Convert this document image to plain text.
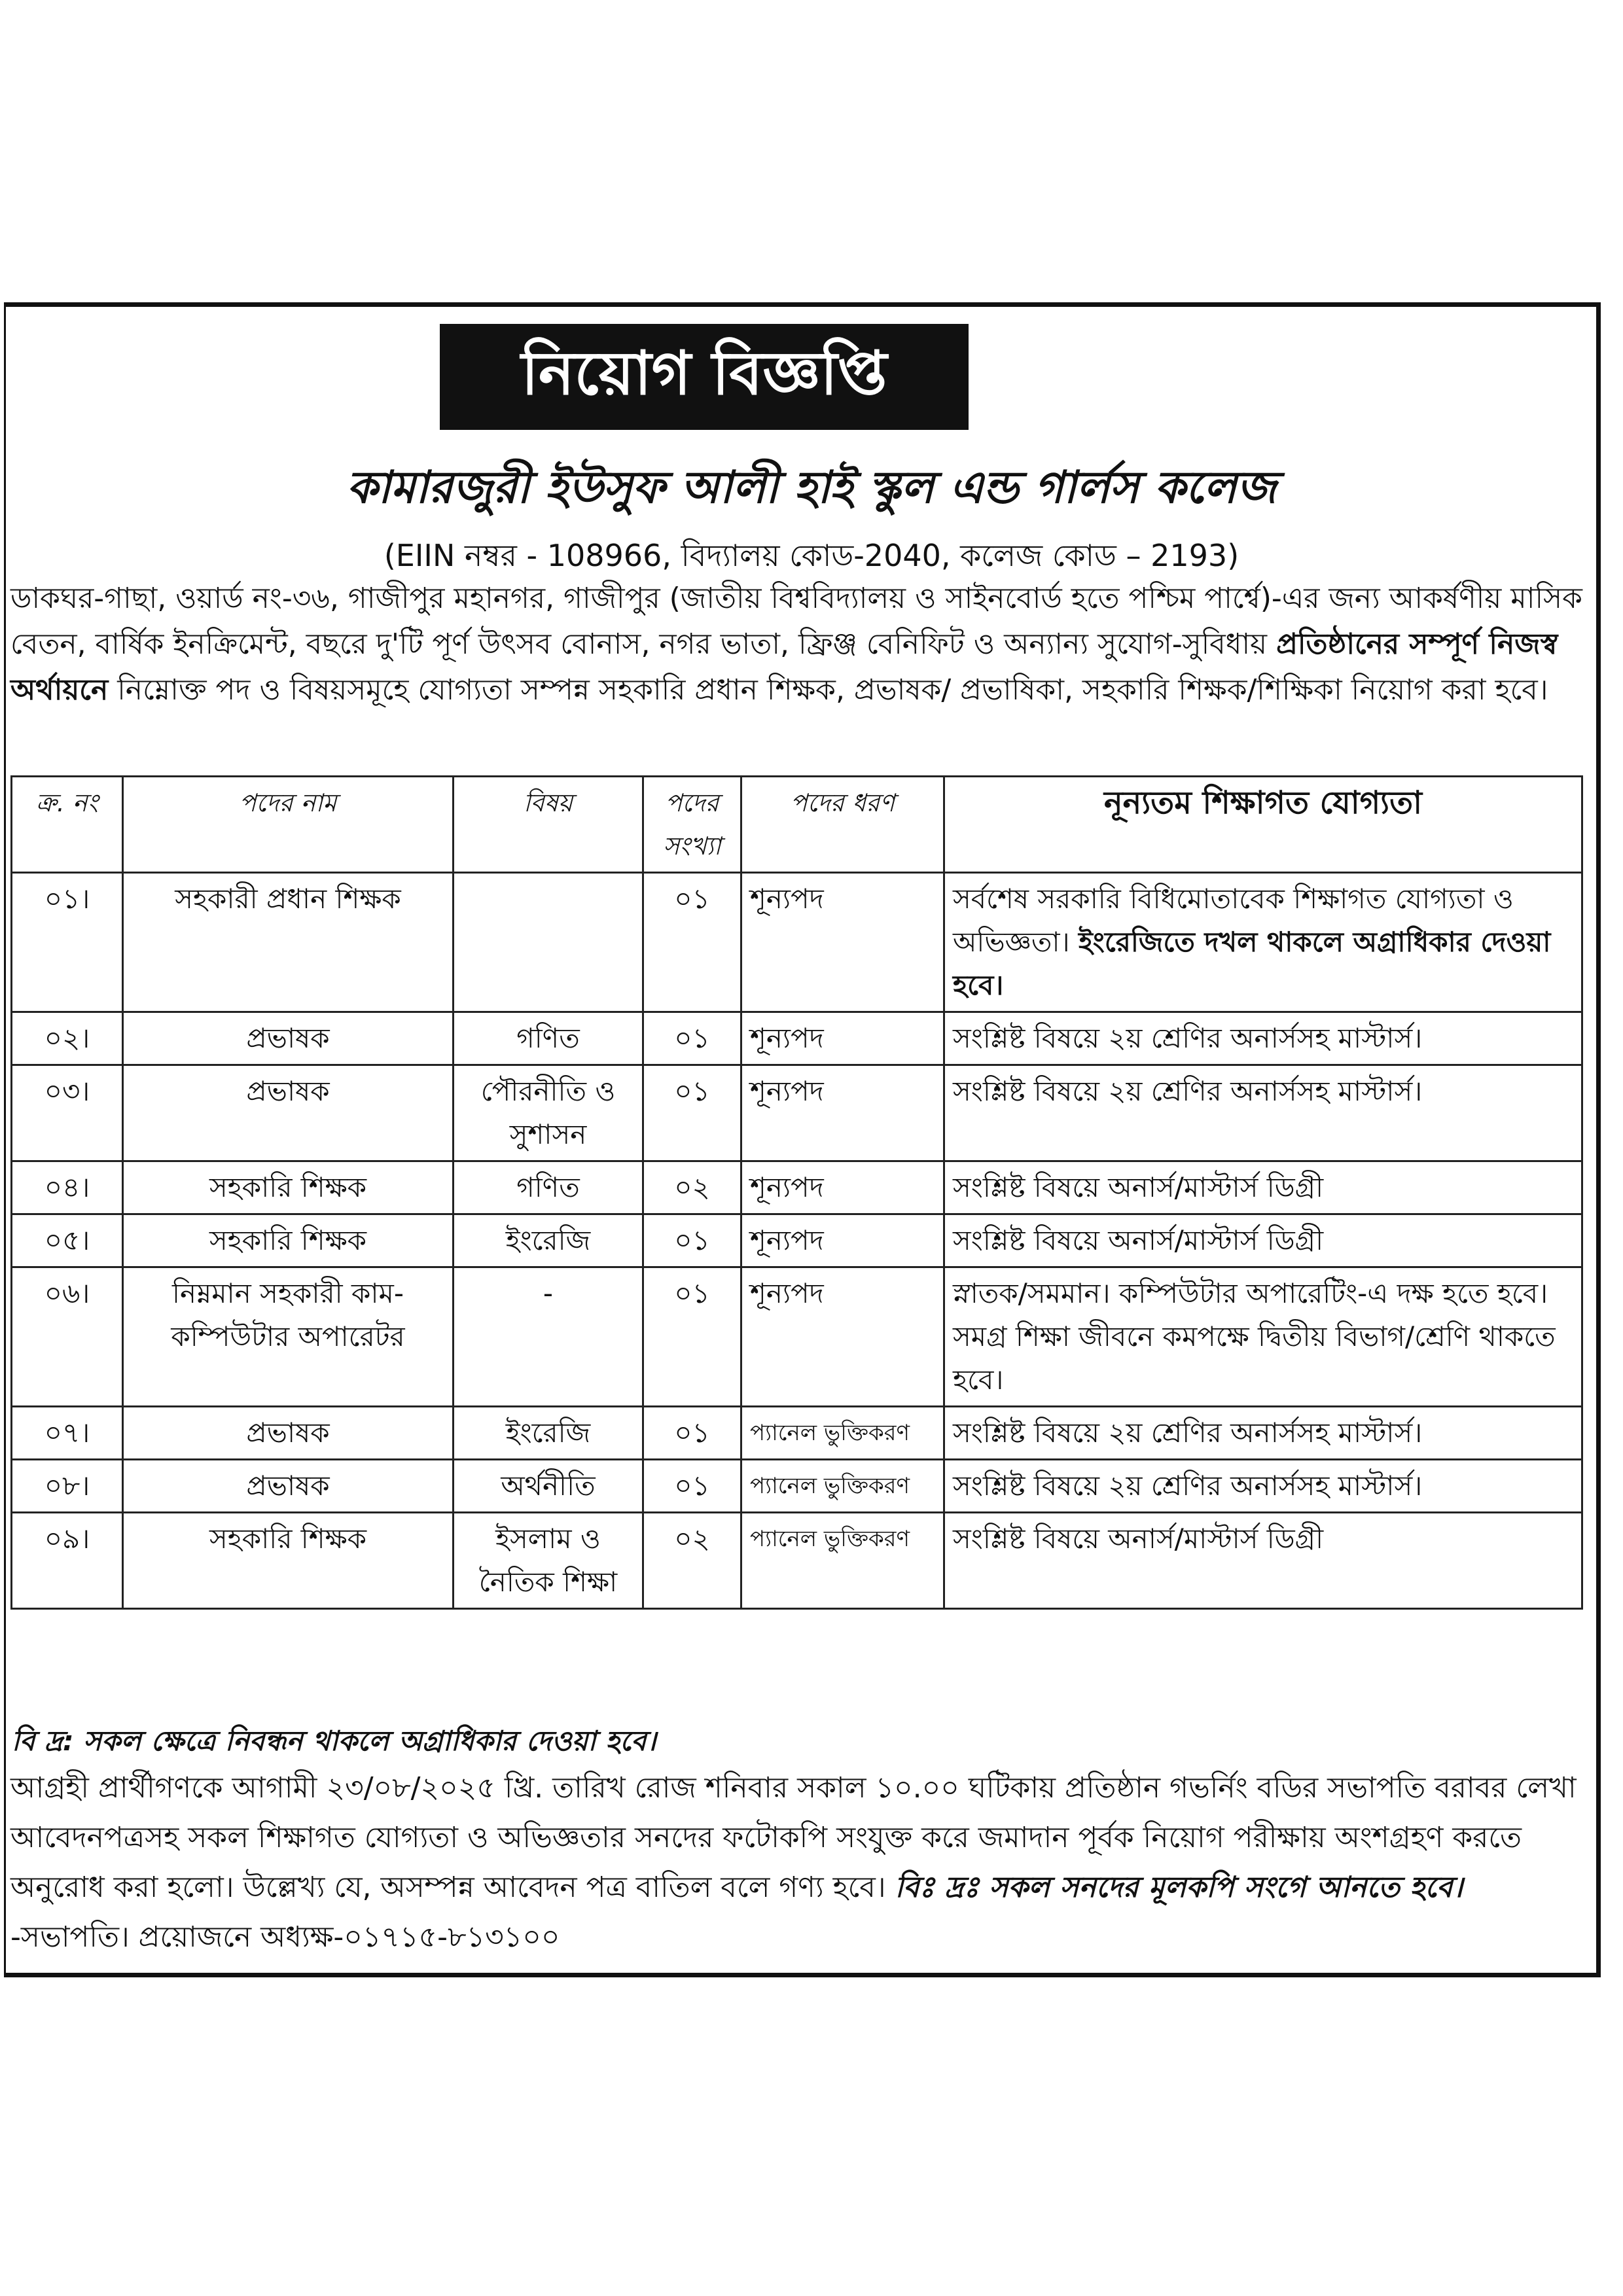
নিয়োগ বিজ্ঞপ্তি
কামারজুরী ইউসুফ আলী হাই স্কুল এন্ড গার্লস কলেজ
(EIIN নম্বর - 108966, বিদ্যালয় কোড-2040, কলেজ কোড – 2193)
ডাকঘর-গাছা, ওয়ার্ড নং-৩৬, গাজীপুর মহানগর, গাজীপুর (জাতীয় বিশ্ববিদ্যালয় ও সাইনবোর্ড হতে পশ্চিম পার্শ্বে)-এর জন্য আকর্ষণীয় মাসিক বেতন, বার্ষিক ইনক্রিমেন্ট, বছরে দু'টি পূর্ণ উৎসব বোনাস, নগর ভাতা, ফ্রিঞ্জ বেনিফিট ও অন্যান্য সুযোগ-সুবিধায় প্রতিষ্ঠানের সম্পূর্ণ নিজস্ব অর্থায়নে নিম্নোক্ত পদ ও বিষয়সমূহে যোগ্যতা সম্পন্ন সহকারি প্রধান শিক্ষক, প্রভাষক/ প্রভাষিকা, সহকারি শিক্ষক/শিক্ষিকা নিয়োগ করা হবে।
ক্র. নং	পদের নাম	বিষয়	পদের সংখ্যা	পদের ধরণ	নূন্যতম শিক্ষাগত যোগ্যতা
০১।	সহকারী প্রধান শিক্ষক		০১	শূন্যপদ	সর্বশেষ সরকারি বিধিমোতাবেক শিক্ষাগত যোগ্যতা ও অভিজ্ঞতা। ইংরেজিতে দখল থাকলে অগ্রাধিকার দেওয়া হবে।
০২।	প্রভাষক	গণিত	০১	শূন্যপদ	সংশ্লিষ্ট বিষয়ে ২য় শ্রেণির অনার্সসহ মাস্টার্স।
০৩।	প্রভাষক	পৌরনীতি ও সুশাসন	০১	শূন্যপদ	সংশ্লিষ্ট বিষয়ে ২য় শ্রেণির অনার্সসহ মাস্টার্স।
০৪।	সহকারি শিক্ষক	গণিত	০২	শূন্যপদ	সংশ্লিষ্ট বিষয়ে অনার্স/মাস্টার্স ডিগ্রী
০৫।	সহকারি শিক্ষক	ইংরেজি	০১	শূন্যপদ	সংশ্লিষ্ট বিষয়ে অনার্স/মাস্টার্স ডিগ্রী
০৬।	নিম্নমান সহকারী কাম-কম্পিউটার অপারেটর	-	০১	শূন্যপদ	স্নাতক/সমমান। কম্পিউটার অপারেটিং-এ দক্ষ হতে হবে। সমগ্র শিক্ষা জীবনে কমপক্ষে দ্বিতীয় বিভাগ/শ্রেণি থাকতে হবে।
০৭।	প্রভাষক	ইংরেজি	০১	প্যানেল ভুক্তিকরণ	সংশ্লিষ্ট বিষয়ে ২য় শ্রেণির অনার্সসহ মাস্টার্স।
০৮।	প্রভাষক	অর্থনীতি	০১	প্যানেল ভুক্তিকরণ	সংশ্লিষ্ট বিষয়ে ২য় শ্রেণির অনার্সসহ মাস্টার্স।
০৯।	সহকারি শিক্ষক	ইসলাম ও নৈতিক শিক্ষা	০২	প্যানেল ভুক্তিকরণ	সংশ্লিষ্ট বিষয়ে অনার্স/মাস্টার্স ডিগ্রী
বি দ্র: সকল ক্ষেত্রে নিবন্ধন থাকলে অগ্রাধিকার দেওয়া হবে।
আগ্রহী প্রার্থীগণকে আগামী ২৩/০৮/২০২৫ খ্রি. তারিখ রোজ শনিবার সকাল ১০.০০ ঘটিকায় প্রতিষ্ঠান গভর্নিং বডির সভাপতি বরাবর লেখা আবেদনপত্রসহ সকল শিক্ষাগত যোগ্যতা ও অভিজ্ঞতার সনদের ফটোকপি সংযুক্ত করে জমাদান পূর্বক নিয়োগ পরীক্ষায় অংশগ্রহণ করতে অনুরোধ করা হলো। উল্লেখ্য যে, অসম্পন্ন আবেদন পত্র বাতিল বলে গণ্য হবে। বিঃ দ্রঃ সকল সনদের মূলকপি সংগে আনতে হবে। -সভাপতি। প্রয়োজনে অধ্যক্ষ-০১৭১৫-৮১৩১০০
